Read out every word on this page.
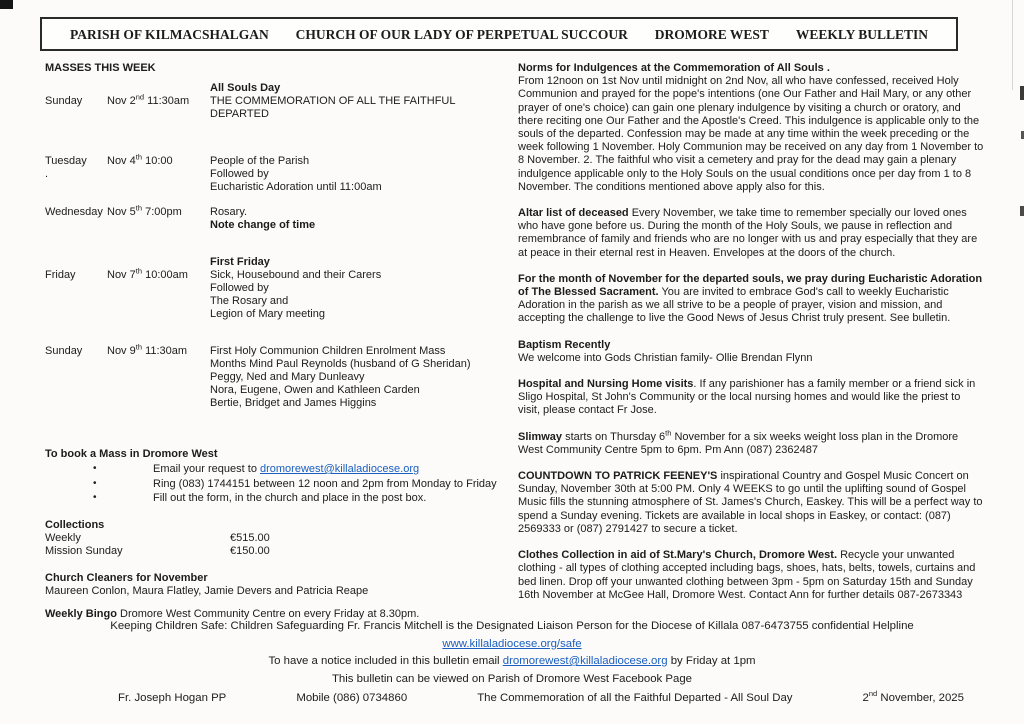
PARISH OF KILMACSHALGAN CHURCH OF OUR LADY OF PERPETUAL SUCCOUR DROMORE WEST WEEKLY BULLETIN
MASSES THIS WEEK
Sunday Nov 2nd 11:30am
All Souls Day
THE COMMEMORATION OF ALL THE FAITHFUL
DEPARTED
Tuesday Nov 4th 10:00
.
People of the Parish
Followed by
Eucharistic Adoration until 11:00am
Wednesday Nov 5th 7:00pm	Rosary.
Note change of time
Friday	Nov 7th 10:00am
First Friday
Sick, Housebound and their Carers
Followed by
The Rosary and
Legion of Mary meeting
Sunday Nov 9th 11:30am	First Holy Communion Children Enrolment Mass
Months Mind Paul Reynolds (husband of G Sheridan)
Peggy, Ned and Mary Dunleavy
Nora, Eugene, Owen and Kathleen Carden
Bertie, Bridget and James Higgins
To book a Mass in Dromore West
•	Email your request to dromorewest@killaladiocese.org
•	Ring (083) 1744151 between 12 noon and 2pm from Monday to Friday
•	Fill out the form, in the church and place in the post box.
Collections
Weekly	€515.00
Mission Sunday	€150.00
Church Cleaners for November
Maureen Conlon, Maura Flatley, Jamie Devers and Patricia Reape
Weekly Bingo Dromore West Community Centre on every Friday at 8.30pm.
Norms for Indulgences at the Commemoration of All Souls .
From 12noon on 1st Nov until midnight on 2nd Nov, all who have confessed, received Holy Communion and prayed for the pope's intentions (one Our Father and Hail Mary, or any other prayer of one's choice) can gain one plenary indulgence by visiting a church or oratory, and there reciting one Our Father and the Apostle's Creed. This indulgence is applicable only to the souls of the departed. Confession may be made at any time within the week preceding or the week following 1 November. Holy Communion may be received on any day from 1 November to 8 November. 2. The faithful who visit a cemetery and pray for the dead may gain a plenary indulgence applicable only to the Holy Souls on the usual conditions once per day from 1 to 8 November. The conditions mentioned above apply also for this.
Altar list of deceased Every November, we take time to remember specially our loved ones who have gone before us. During the month of the Holy Souls, we pause in reflection and remembrance of family and friends who are no longer with us and pray especially that they are at peace in their eternal rest in Heaven. Envelopes at the doors of the church.
For the month of November for the departed souls, we pray during Eucharistic Adoration of The Blessed Sacrament. You are invited to embrace God's call to weekly Eucharistic Adoration in the parish as we all strive to be a people of prayer, vision and mission, and accepting the challenge to live the Good News of Jesus Christ truly present. See bulletin.
Baptism Recently
We welcome into Gods Christian family- Ollie Brendan Flynn
Hospital and Nursing Home visits. If any parishioner has a family member or a friend sick in Sligo Hospital, St John's Community or the local nursing homes and would like the priest to visit, please contact Fr Jose.
Slimway starts on Thursday 6th November for a six weeks weight loss plan in the Dromore West Community Centre 5pm to 6pm. Pm Ann (087) 2362487
COUNTDOWN TO PATRICK FEENEY'S inspirational Country and Gospel Music Concert on Sunday, November 30th at 5:00 PM. Only 4 WEEKS to go until the uplifting sound of Gospel Music fills the stunning atmosphere of St. James's Church, Easkey. This will be a perfect way to spend a Sunday evening. Tickets are available in local shops in Easkey, or contact: (087) 2569333 or (087) 2791427 to secure a ticket.
Clothes Collection in aid of St.Mary's Church, Dromore West. Recycle your unwanted clothing - all types of clothing accepted including bags, shoes, hats, belts, towels, curtains and bed linen. Drop off your unwanted clothing between 3pm - 5pm on Saturday 15th and Sunday 16th November at McGee Hall, Dromore West. Contact Ann for further details 087-2673343
Keeping Children Safe: Children Safeguarding Fr. Francis Mitchell is the Designated Liaison Person for the Diocese of Killala 087-6473755 confidential Helpline
www.killaladiocese.org/safe
To have a notice included in this bulletin email dromorewest@killaladiocese.org by Friday at 1pm
This bulletin can be viewed on Parish of Dromore West Facebook Page
Fr. Joseph Hogan PP	Mobile (086) 0734860	The Commemoration of all the Faithful Departed - All Soul Day	2nd November, 2025
